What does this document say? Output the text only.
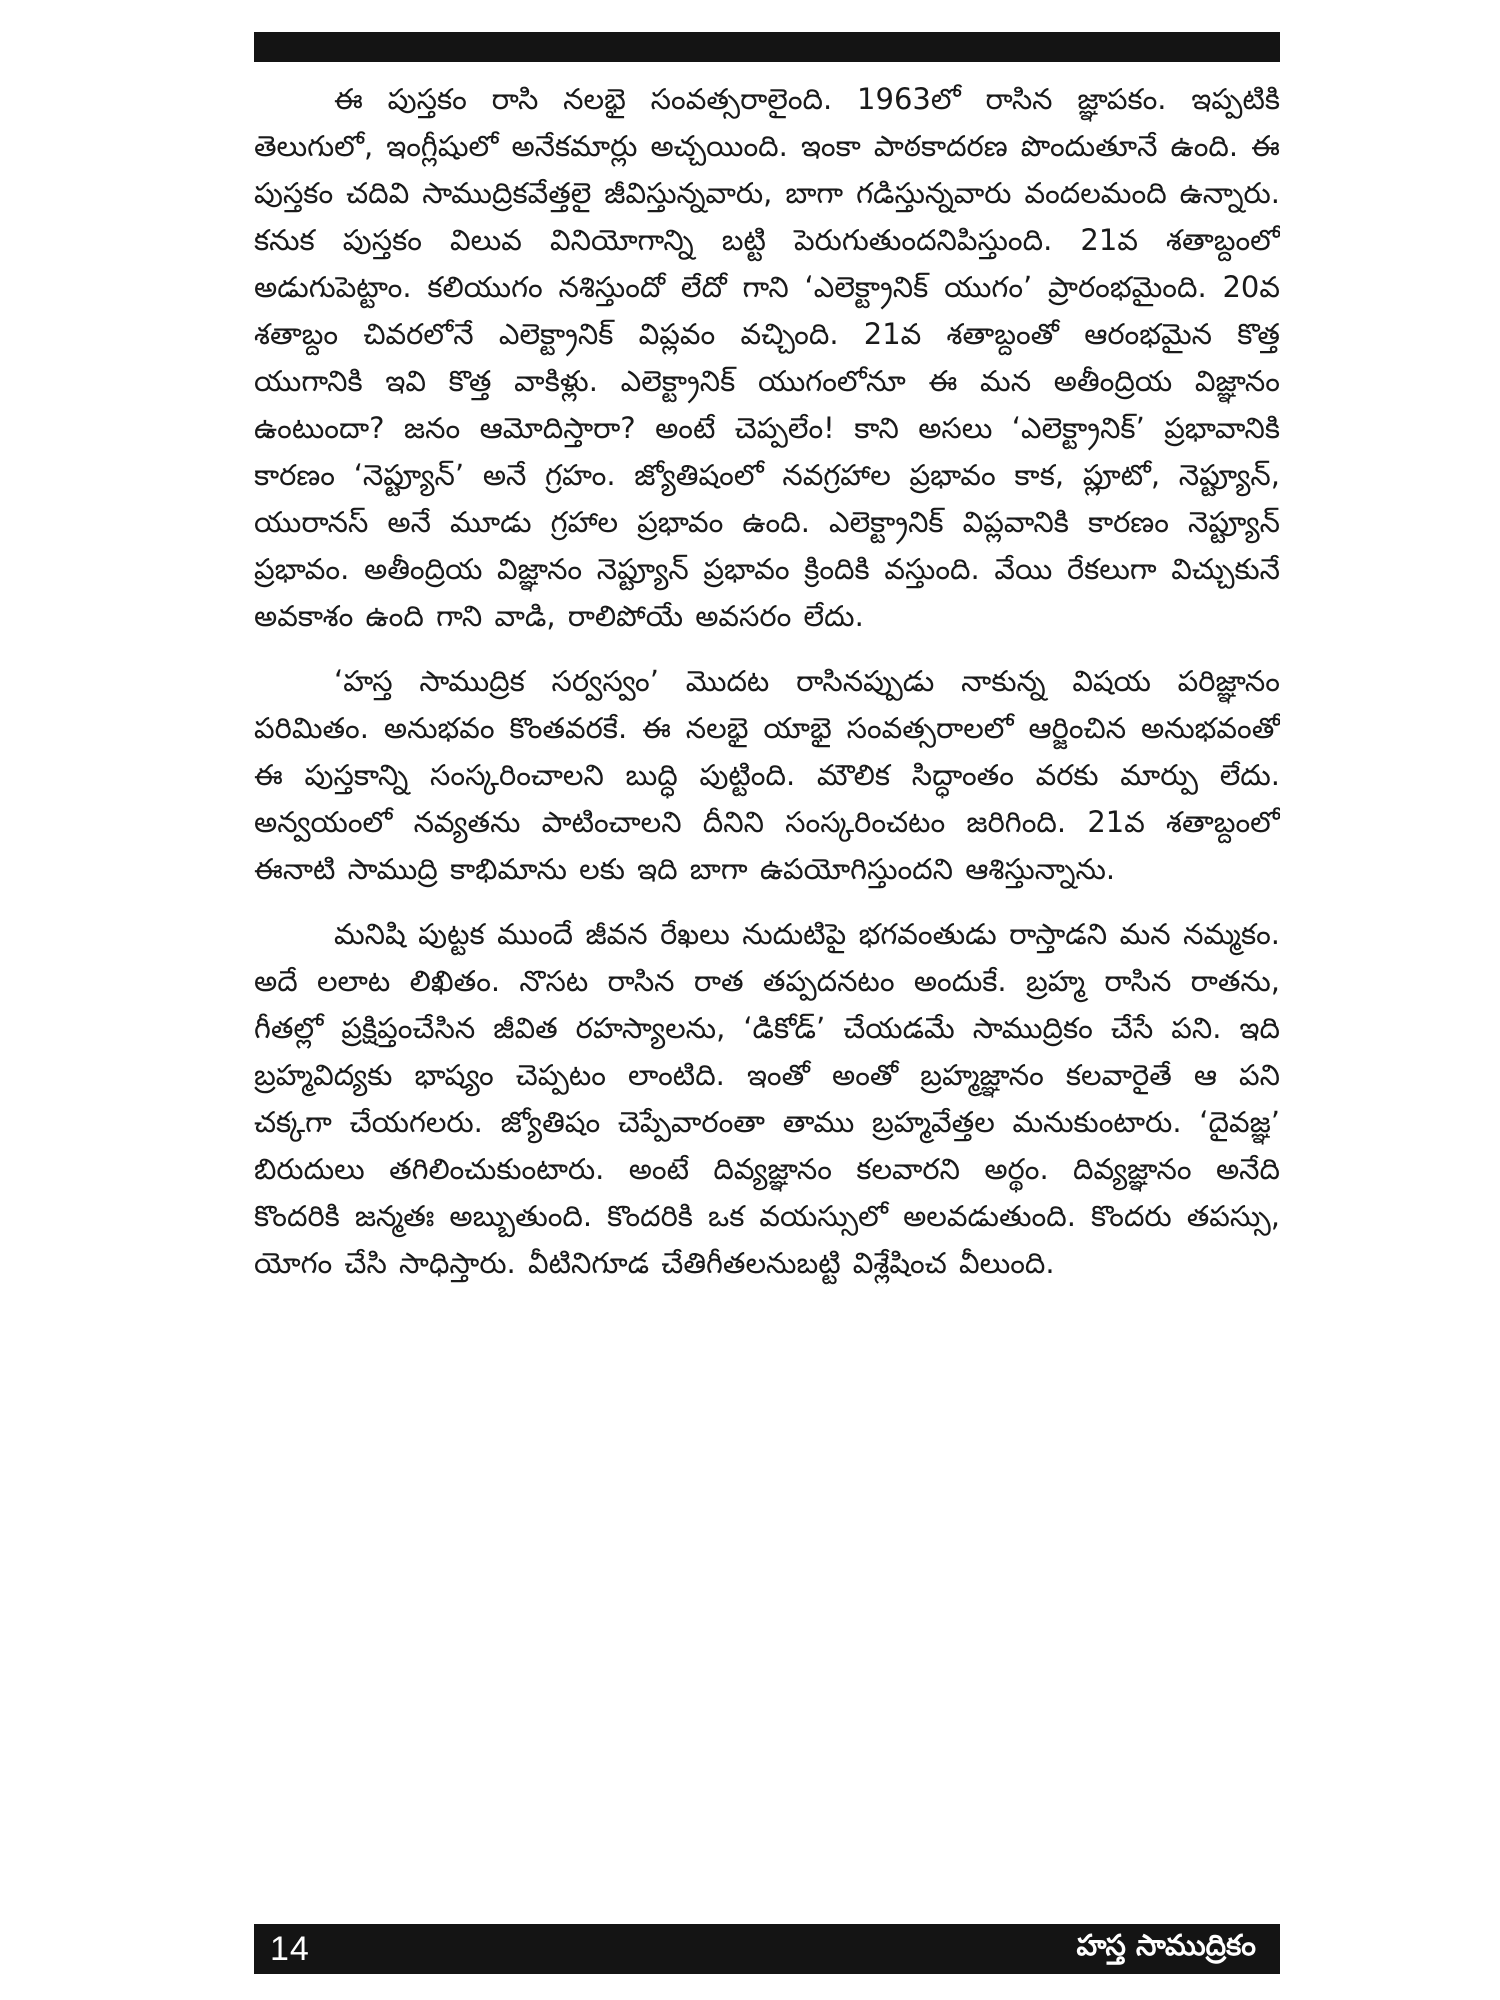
ఈ పుస్తకం రాసి నలభై సంవత్సరాలైంది. 1963లో రాసిన జ్ఞాపకం. ఇప్పటికి తెలుగులో, ఇంగ్లీషులో అనేకమార్లు అచ్చయింది. ఇంకా పాఠకాదరణ పొందుతూనే ఉంది. ఈ పుస్తకం చదివి సాముద్రికవేత్తలై జీవిస్తున్నవారు, బాగా గడిస్తున్నవారు వందలమంది ఉన్నారు. కనుక పుస్తకం విలువ వినియోగాన్ని బట్టి పెరుగుతుందనిపిస్తుంది. 21వ శతాబ్దంలో అడుగుపెట్టాం. కలియుగం నశిస్తుందో లేదో గాని ‘ఎలెక్ట్రానిక్ యుగం’ ప్రారంభమైంది. 20వ శతాబ్దం చివరలోనే ఎలెక్ట్రానిక్ విప్లవం వచ్చింది. 21వ శతాబ్దంతో ఆరంభమైన కొత్త యుగానికి ఇవి కొత్త వాకిళ్లు. ఎలెక్ట్రానిక్ యుగంలోనూ ఈ మన అతీంద్రియ విజ్ఞానం ఉంటుందా? జనం ఆమోదిస్తారా? అంటే చెప్పలేం! కాని అసలు ‘ఎలెక్ట్రానిక్’ ప్రభావానికి కారణం ‘నెప్ట్యూన్’ అనే గ్రహం. జ్యోతిషంలో నవగ్రహాల ప్రభావం కాక, ప్లూటో, నెప్ట్యూన్, యురానస్ అనే మూడు గ్రహాల ప్రభావం ఉంది. ఎలెక్ట్రానిక్ విప్లవానికి కారణం నెప్ట్యూన్ ప్రభావం. అతీంద్రియ విజ్ఞానం నెప్ట్యూన్ ప్రభావం క్రిందికి వస్తుంది. వేయి రేకలుగా విచ్చుకునే అవకాశం ఉంది గాని వాడి, రాలిపోయే అవసరం లేదు.

‘హస్త సాముద్రిక సర్వస్వం’ మొదట రాసినప్పుడు నాకున్న విషయ పరిజ్ఞానం పరిమితం. అనుభవం కొంతవరకే. ఈ నలభై యాభై సంవత్సరాలలో ఆర్జించిన అనుభవంతో ఈ పుస్తకాన్ని సంస్కరించాలని బుద్ధి పుట్టింది. మౌలిక సిద్ధాంతం వరకు మార్పు లేదు. అన్వయంలో నవ్యతను పాటించాలని దీనిని సంస్కరించటం జరిగింది. 21వ శతాబ్దంలో ఈనాటి సాముద్రి కాభిమాను లకు ఇది బాగా ఉపయోగిస్తుందని ఆశిస్తున్నాను.

మనిషి పుట్టక ముందే జీవన రేఖలు నుదుటిపై భగవంతుడు రాస్తాడని మన నమ్మకం. అదే లలాట లిఖితం. నొసట రాసిన రాత తప్పదనటం అందుకే. బ్రహ్మ రాసిన రాతను, గీతల్లో ప్రక్షిప్తంచేసిన జీవిత రహస్యాలను, ‘డికోడ్’ చేయడమే సాముద్రికం చేసే పని. ఇది బ్రహ్మవిద్యకు భాష్యం చెప్పటం లాంటిది. ఇంతో అంతో బ్రహ్మజ్ఞానం కలవారైతే ఆ పని చక్కగా చేయగలరు. జ్యోతిషం చెప్పేవారంతా తాము బ్రహ్మవేత్తల మనుకుంటారు. ‘దైవజ్ఞ’ బిరుదులు తగిలించుకుంటారు. అంటే దివ్యజ్ఞానం కలవారని అర్థం. దివ్యజ్ఞానం అనేది కొందరికి జన్మతః అబ్బుతుంది. కొందరికి ఒక వయస్సులో అలవడుతుంది. కొందరు తపస్సు, యోగం చేసి సాధిస్తారు. వీటినిగూడ చేతిగీతలనుబట్టి విశ్లేషించ వీలుంది.

14	హస్త సాముద్రికం
